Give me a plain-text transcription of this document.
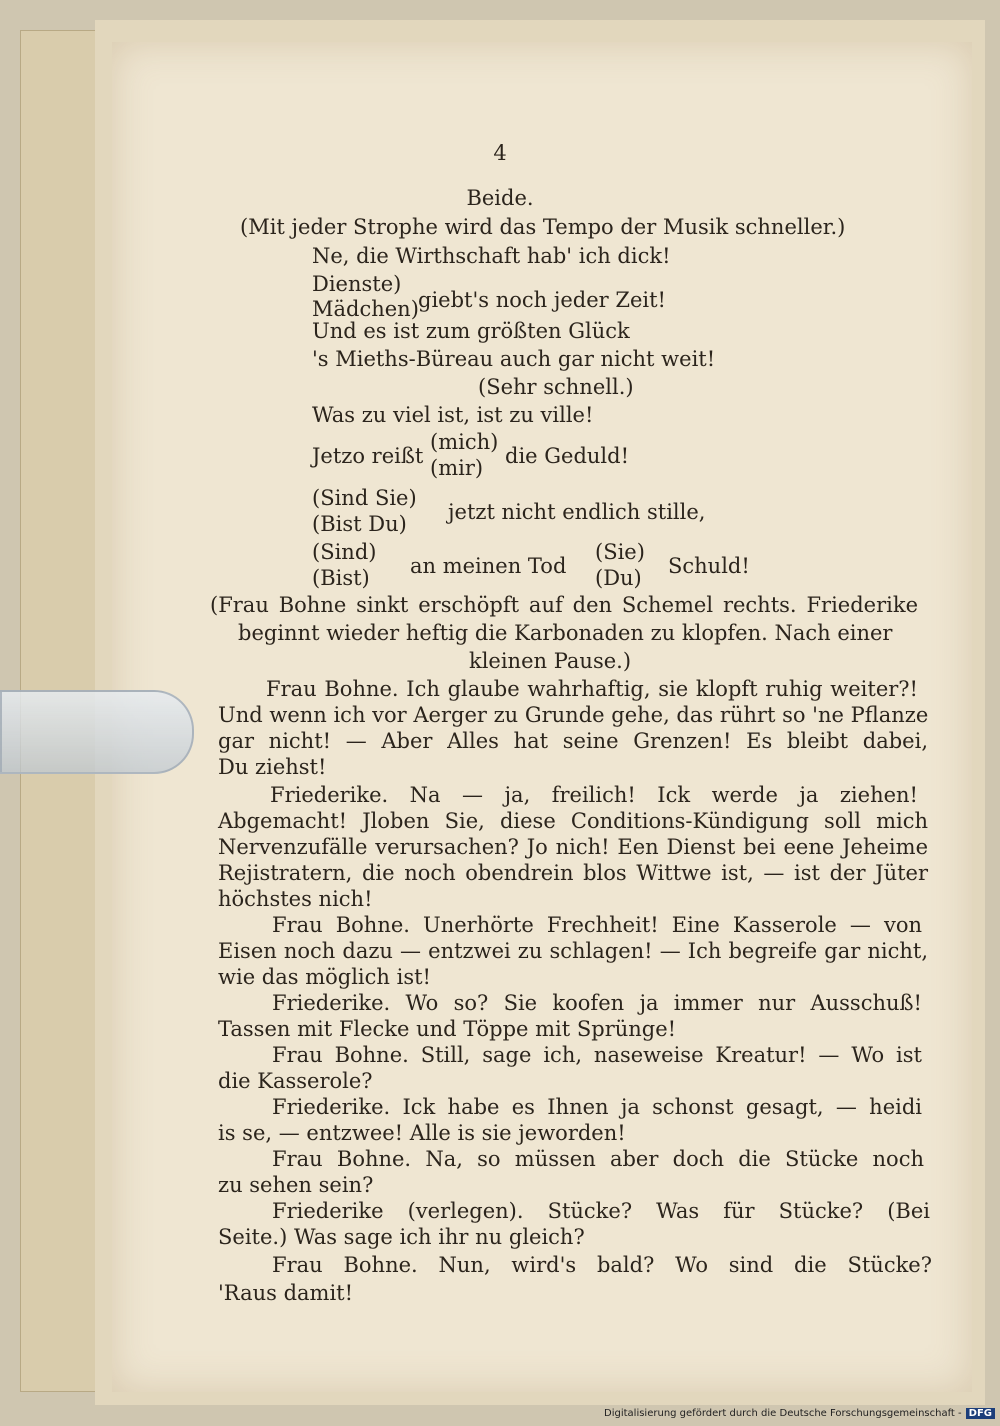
4
Beide.
(Mit jeder Strophe wird das Tempo der Musik schneller.)
Ne, die Wirthschaft hab' ich dick!
Dienste)
Mädchen) giebt's noch jeder Zeit!
Und es ist zum größten Glück
's Mieths-Büreau auch gar nicht weit!
(Sehr schnell.)
Was zu viel ist, ist zu ville!
Jetzo reißt
(mich)
(mir) die Geduld!
(Sind Sie)
(Bist Du) jetzt nicht endlich stille,
(Sind)
(Bist) an meinen Tod
(Sie)
(Du) Schuld!
(Frau Bohne sinkt erschöpft auf den Schemel rechts. Friederike
beginnt wieder heftig die Karbonaden zu klopfen. Nach einer
kleinen Pause.)
Frau Bohne. Ich glaube wahrhaftig, sie klopft ruhig weiter?!
Und wenn ich vor Aerger zu Grunde gehe, das rührt so 'ne Pflanze
gar nicht! — Aber Alles hat seine Grenzen! Es bleibt dabei,
Du ziehst!
Friederike. Na — ja, freilich! Ick werde ja ziehen!
Abgemacht! Jloben Sie, diese Conditions-Kündigung soll mich
Nervenzufälle verursachen? Jo nich! Een Dienst bei eene Jeheime
Rejistratern, die noch obendrein blos Wittwe ist, — ist der Jüter
höchstes nich!
Frau Bohne. Unerhörte Frechheit! Eine Kasserole — von
Eisen noch dazu — entzwei zu schlagen! — Ich begreife gar nicht,
wie das möglich ist!
Friederike. Wo so? Sie koofen ja immer nur Ausschuß!
Tassen mit Flecke und Töppe mit Sprünge!
Frau Bohne. Still, sage ich, naseweise Kreatur! — Wo ist
die Kasserole?
Friederike. Ick habe es Ihnen ja schonst gesagt, — heidi
is se, — entzwee! Alle is sie jeworden!
Frau Bohne. Na, so müssen aber doch die Stücke noch
zu sehen sein?
Friederike (verlegen). Stücke? Was für Stücke? (Bei
Seite.) Was sage ich ihr nu gleich?
Frau Bohne. Nun, wird's bald? Wo sind die Stücke?
'Raus damit!
Digitalisierung gefördert durch die Deutsche Forschungsgemeinschaft - DFG
